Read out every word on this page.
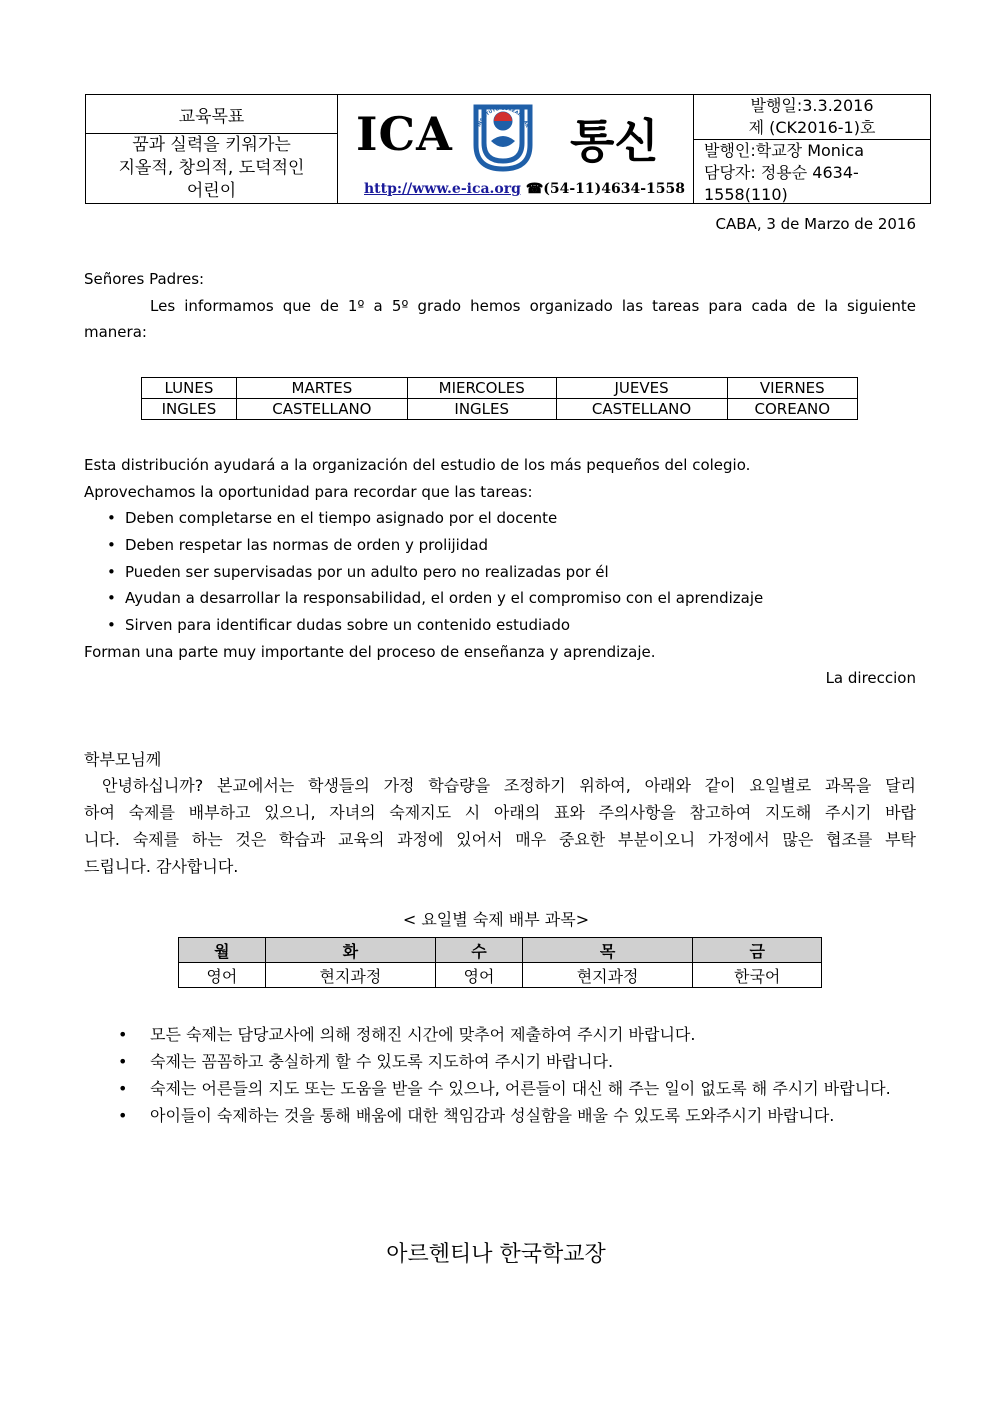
교육목표
꿈과 실력을 키워가는
지올적, 창의적, 도덕적인
어린이
ICA	INSTITUTO COREANO AR 통신
http://www.e-ica.org ☎(54-11)4634-1558
발행일:3.3.2016
제 (CK2016-1)호
발행인:학교장 Monica
담당자: 정용순 4634-1558(110)
CABA, 3 de Marzo de 2016
Señores Padres:
Les informamos que de 1º a 5º grado hemos organizado las tareas para cada de la siguiente
manera:
LUNES	MARTES	MIERCOLES	JUEVES	VIERNES
INGLES	CASTELLANO	INGLES	CASTELLANO	COREANO
Esta distribución ayudará a la organización del estudio de los más pequeños del colegio.
Aprovechamos la oportunidad para recordar que las tareas:
• Deben completarse en el tiempo asignado por el docente
• Deben respetar las normas de orden y prolijidad
• Pueden ser supervisadas por un adulto pero no realizadas por él
• Ayudan a desarrollar la responsabilidad, el orden y el compromiso con el aprendizaje
• Sirven para identificar dudas sobre un contenido estudiado
Forman una parte muy importante del proceso de enseñanza y aprendizaje.
La direccion
학부모님께
안녕하십니까? 본교에서는 학생들의 가정 학습량을 조정하기 위하여, 아래와 같이 요일별로 과목을 달리
하여 숙제를 배부하고 있으니, 자녀의 숙제지도 시 아래의 표와 주의사항을 참고하여 지도해 주시기 바랍
니다. 숙제를 하는 것은 학습과 교육의 과정에 있어서 매우 중요한 부분이오니 가정에서 많은 협조를 부탁
드립니다. 감사합니다.
< 요일별 숙제 배부 과목>
월	화	수	목	금
영어	현지과정	영어	현지과정	한국어
• 모든 숙제는 담당교사에 의해 정해진 시간에 맞추어 제출하여 주시기 바랍니다.
• 숙제는 꼼꼼하고 충실하게 할 수 있도록 지도하여 주시기 바랍니다.
• 숙제는 어른들의 지도 또는 도움을 받을 수 있으나, 어른들이 대신 해 주는 일이 없도록 해 주시기 바랍니다.
• 아이들이 숙제하는 것을 통해 배움에 대한 책임감과 성실함을 배울 수 있도록 도와주시기 바랍니다.
아르헨티나 한국학교장
